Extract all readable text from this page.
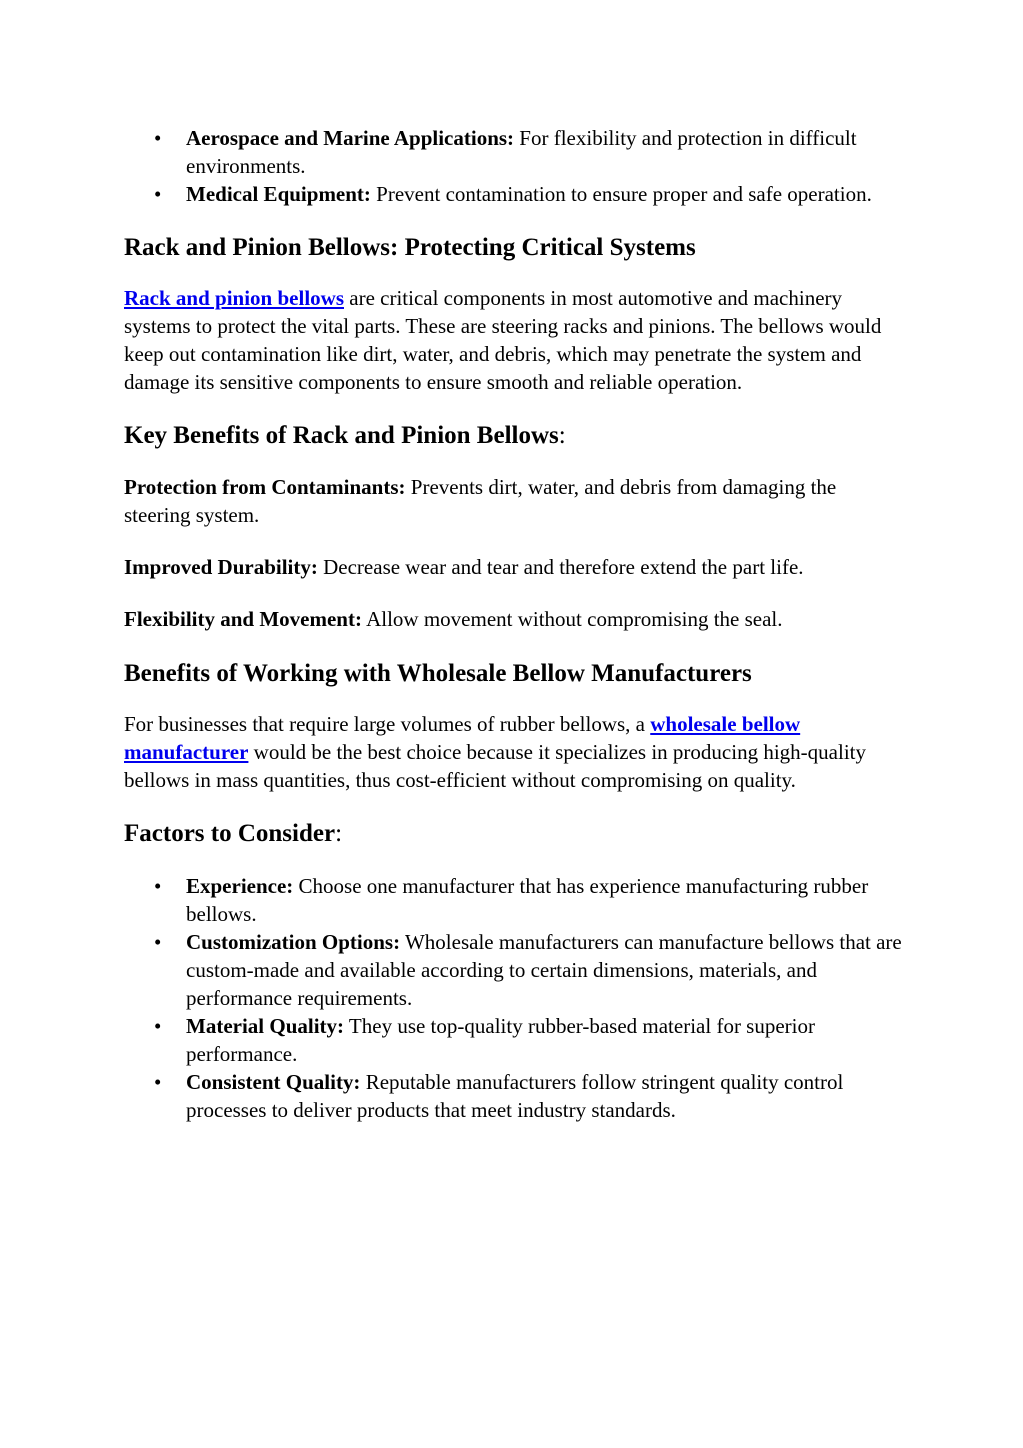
•	Aerospace and Marine Applications: For flexibility and protection in difficult environments.
•	Medical Equipment: Prevent contamination to ensure proper and safe operation.
Rack and Pinion Bellows: Protecting Critical Systems

Rack and pinion bellows are critical components in most automotive and machinery systems to protect the vital parts. These are steering racks and pinions. The bellows would keep out contamination like dirt, water, and debris, which may penetrate the system and damage its sensitive components to ensure smooth and reliable operation.

Key Benefits of Rack and Pinion Bellows:

Protection from Contaminants: Prevents dirt, water, and debris from damaging the steering system.

Improved Durability: Decrease wear and tear and therefore extend the part life.

Flexibility and Movement: Allow movement without compromising the seal.

Benefits of Working with Wholesale Bellow Manufacturers

For businesses that require large volumes of rubber bellows, a wholesale bellow manufacturer would be the best choice because it specializes in producing high-quality bellows in mass quantities, thus cost-efficient without compromising on quality.

Factors to Consider:
•	Experience: Choose one manufacturer that has experience manufacturing rubber bellows.
•	Customization Options: Wholesale manufacturers can manufacture bellows that are custom-made and available according to certain dimensions, materials, and performance requirements.
•	Material Quality: They use top-quality rubber-based material for superior performance.
•	Consistent Quality: Reputable manufacturers follow stringent quality control processes to deliver products that meet industry standards.
